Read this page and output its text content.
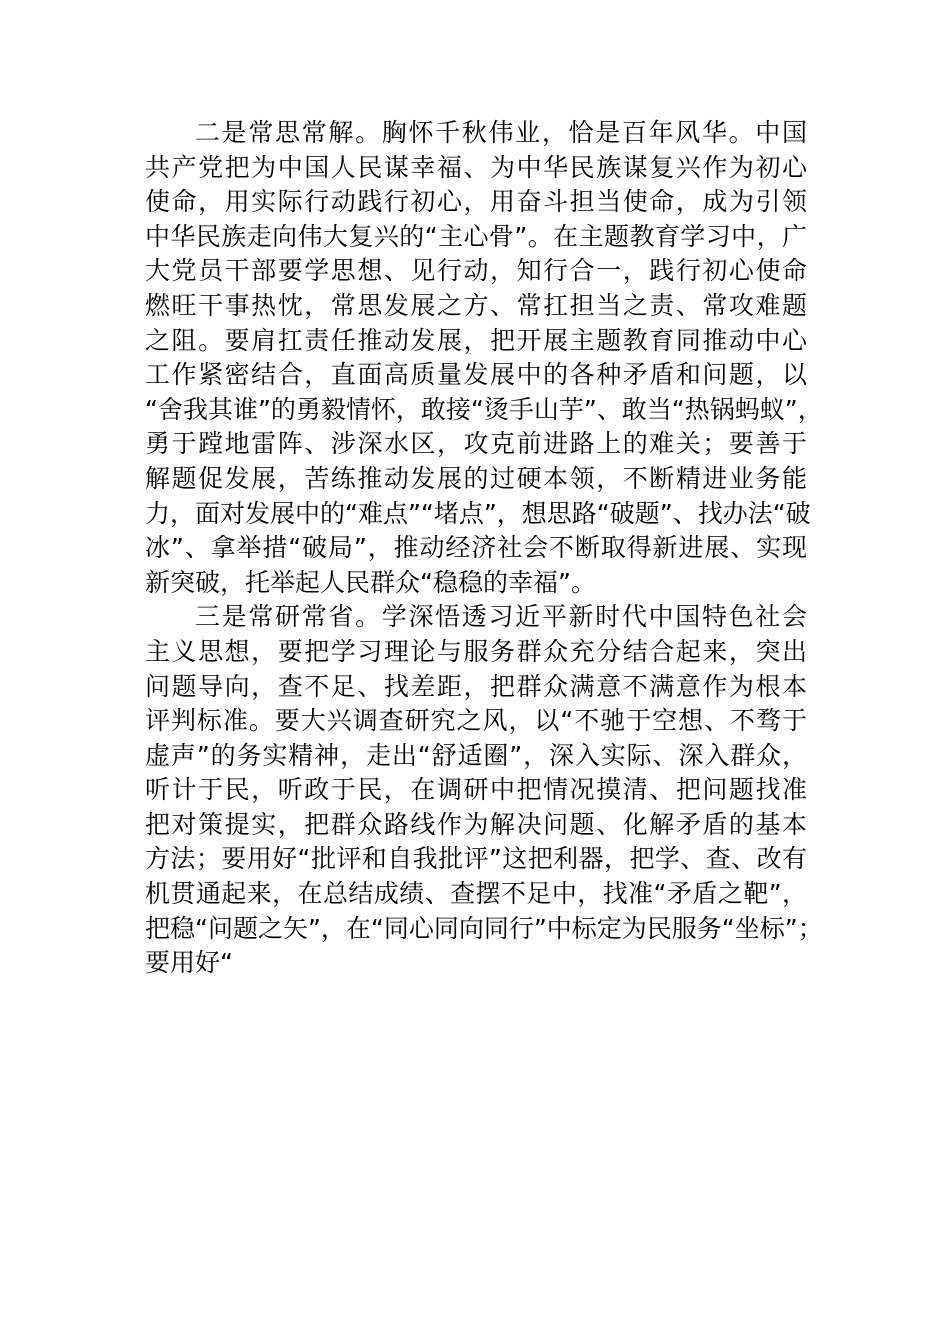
二是常思常解。胸怀千秋伟业，恰是百年风华。中国
共产党把为中国人民谋幸福、为中华民族谋复兴作为初心
使命，用实际行动践行初心，用奋斗担当使命，成为引领
中华民族走向伟大复兴的“主心骨”。在主题教育学习中，广
大党员干部要学思想、见行动，知行合一，践行初心使命
燃旺干事热忱，常思发展之方、常扛担当之责、常攻难题
之阻。要肩扛责任推动发展，把开展主题教育同推动中心
工作紧密结合，直面高质量发展中的各种矛盾和问题，以
“舍我其谁”的勇毅情怀，敢接“烫手山芋”、敢当“热锅蚂蚁”，
勇于蹚地雷阵、涉深水区，攻克前进路上的难关；要善于
解题促发展，苦练推动发展的过硬本领，不断精进业务能
力，面对发展中的“难点”“堵点”，想思路“破题”、找办法“破
冰”、拿举措“破局”，推动经济社会不断取得新进展、实现
新突破，托举起人民群众“稳稳的幸福”。
三是常研常省。学深悟透习近平新时代中国特色社会
主义思想，要把学习理论与服务群众充分结合起来，突出
问题导向，查不足、找差距，把群众满意不满意作为根本
评判标准。要大兴调查研究之风，以“不驰于空想、不骛于
虚声”的务实精神，走出“舒适圈”，深入实际、深入群众，
听计于民，听政于民，在调研中把情况摸清、把问题找准
把对策提实，把群众路线作为解决问题、化解矛盾的基本
方法；要用好“批评和自我批评”这把利器，把学、查、改有
机贯通起来，在总结成绩、查摆不足中，找准“矛盾之靶”，
把稳“问题之矢”，在“同心同向同行”中标定为民服务“坐标”；
要用好“
